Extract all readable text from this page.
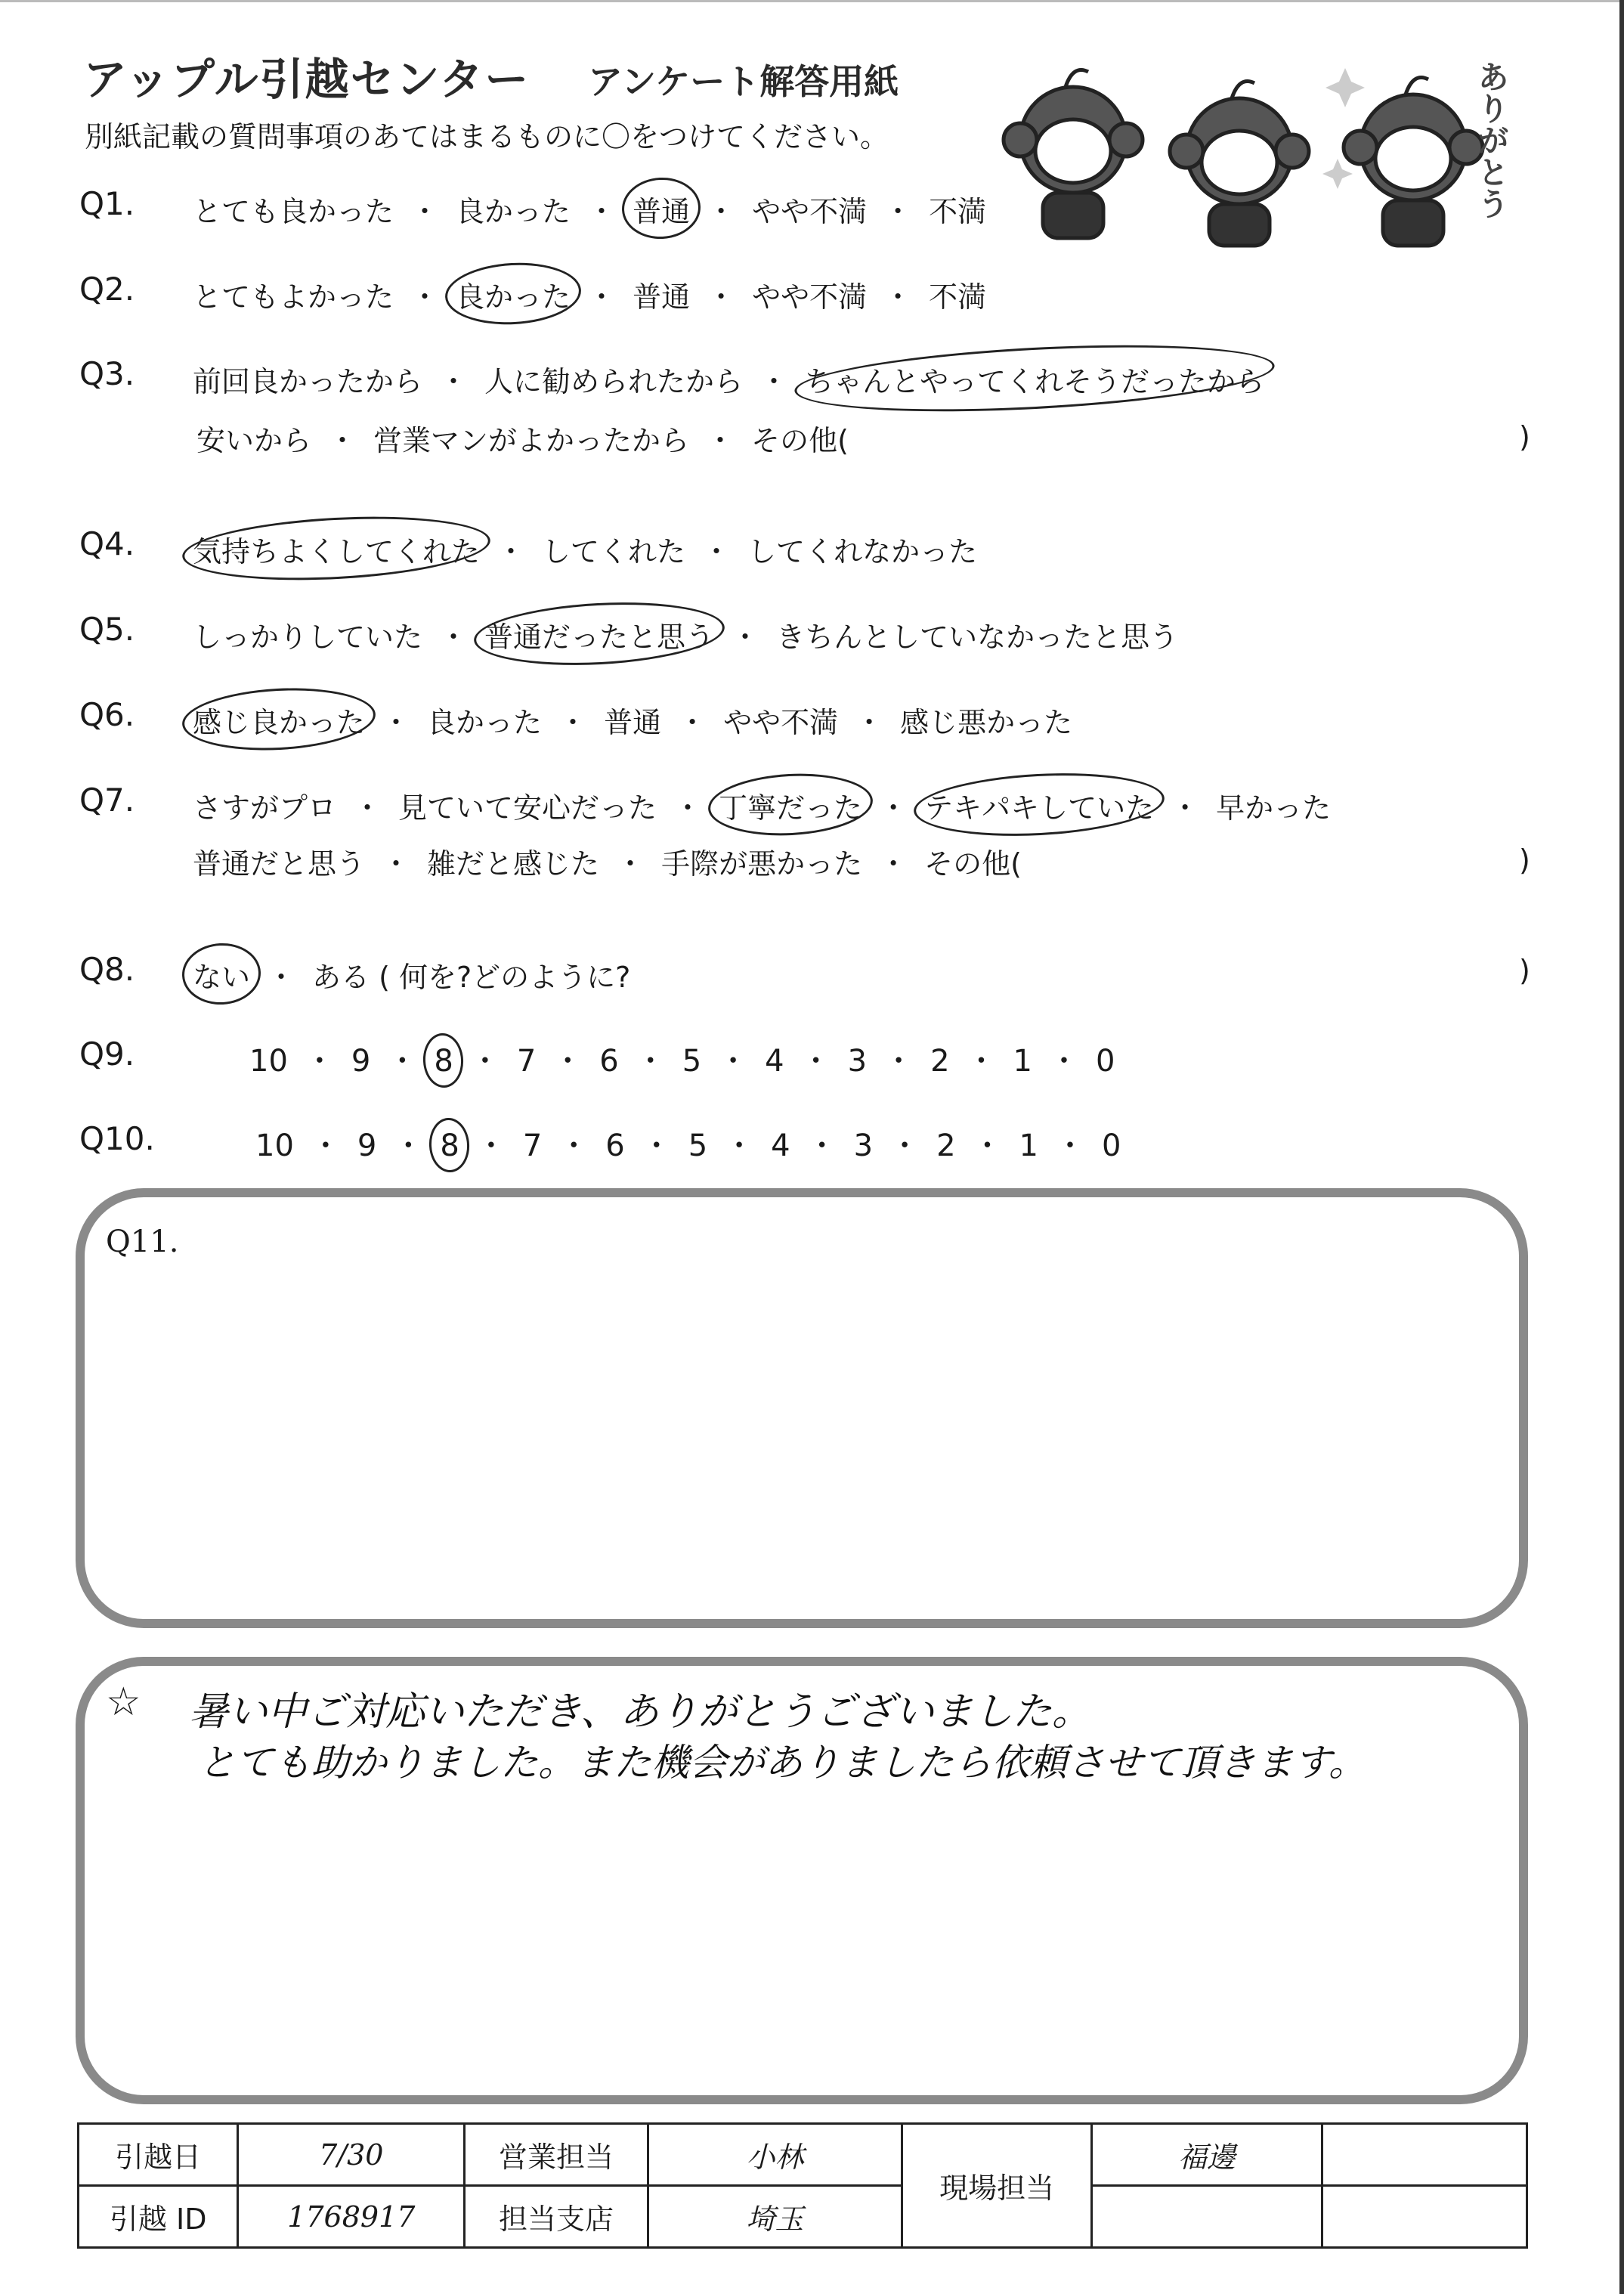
アップル引越センター アンケート解答用紙
別紙記載の質問事項のあてはまるものに〇をつけてください。	ありがとう
Q1. とても良かった ・ 良かった ・ 普通 ・ やや不満 ・ 不満
Q2. とてもよかった ・ 良かった ・ 普通 ・ やや不満 ・ 不満
Q3. 前回良かったから ・ 人に勧められたから ・ ちゃんとやってくれそうだったから
安いから ・ 営業マンがよかったから ・ その他(	)
Q4. 気持ちよくしてくれた ・ してくれた ・ してくれなかった
Q5. しっかりしていた ・ 普通だったと思う ・ きちんとしていなかったと思う
Q6. 感じ良かった ・ 良かった ・ 普通 ・ やや不満 ・ 感じ悪かった
Q7. さすがプロ ・ 見ていて安心だった ・ 丁寧だった ・ テキパキしていた ・ 早かった
普通だと思う ・ 雑だと感じた ・ 手際が悪かった ・ その他(	)
Q8. ない ・ ある ( 何を?どのように?	)
Q9.	10 ・ 9 ・ 8 ・ 7 ・ 6 ・ 5 ・ 4 ・ 3 ・ 2 ・ 1 ・ 0
Q10.	10 ・ 9 ・ 8 ・ 7 ・ 6 ・ 5 ・ 4 ・ 3 ・ 2 ・ 1 ・ 0
Q11.
☆ 暑い中ご対応いただき、ありがとうございました。
とても助かりました。また機会がありましたら依頼させて頂きます。
引越日	7/30	営業担当	小林	現場担当	福邊	
引越 ID	1768917	担当支店	埼玉			
